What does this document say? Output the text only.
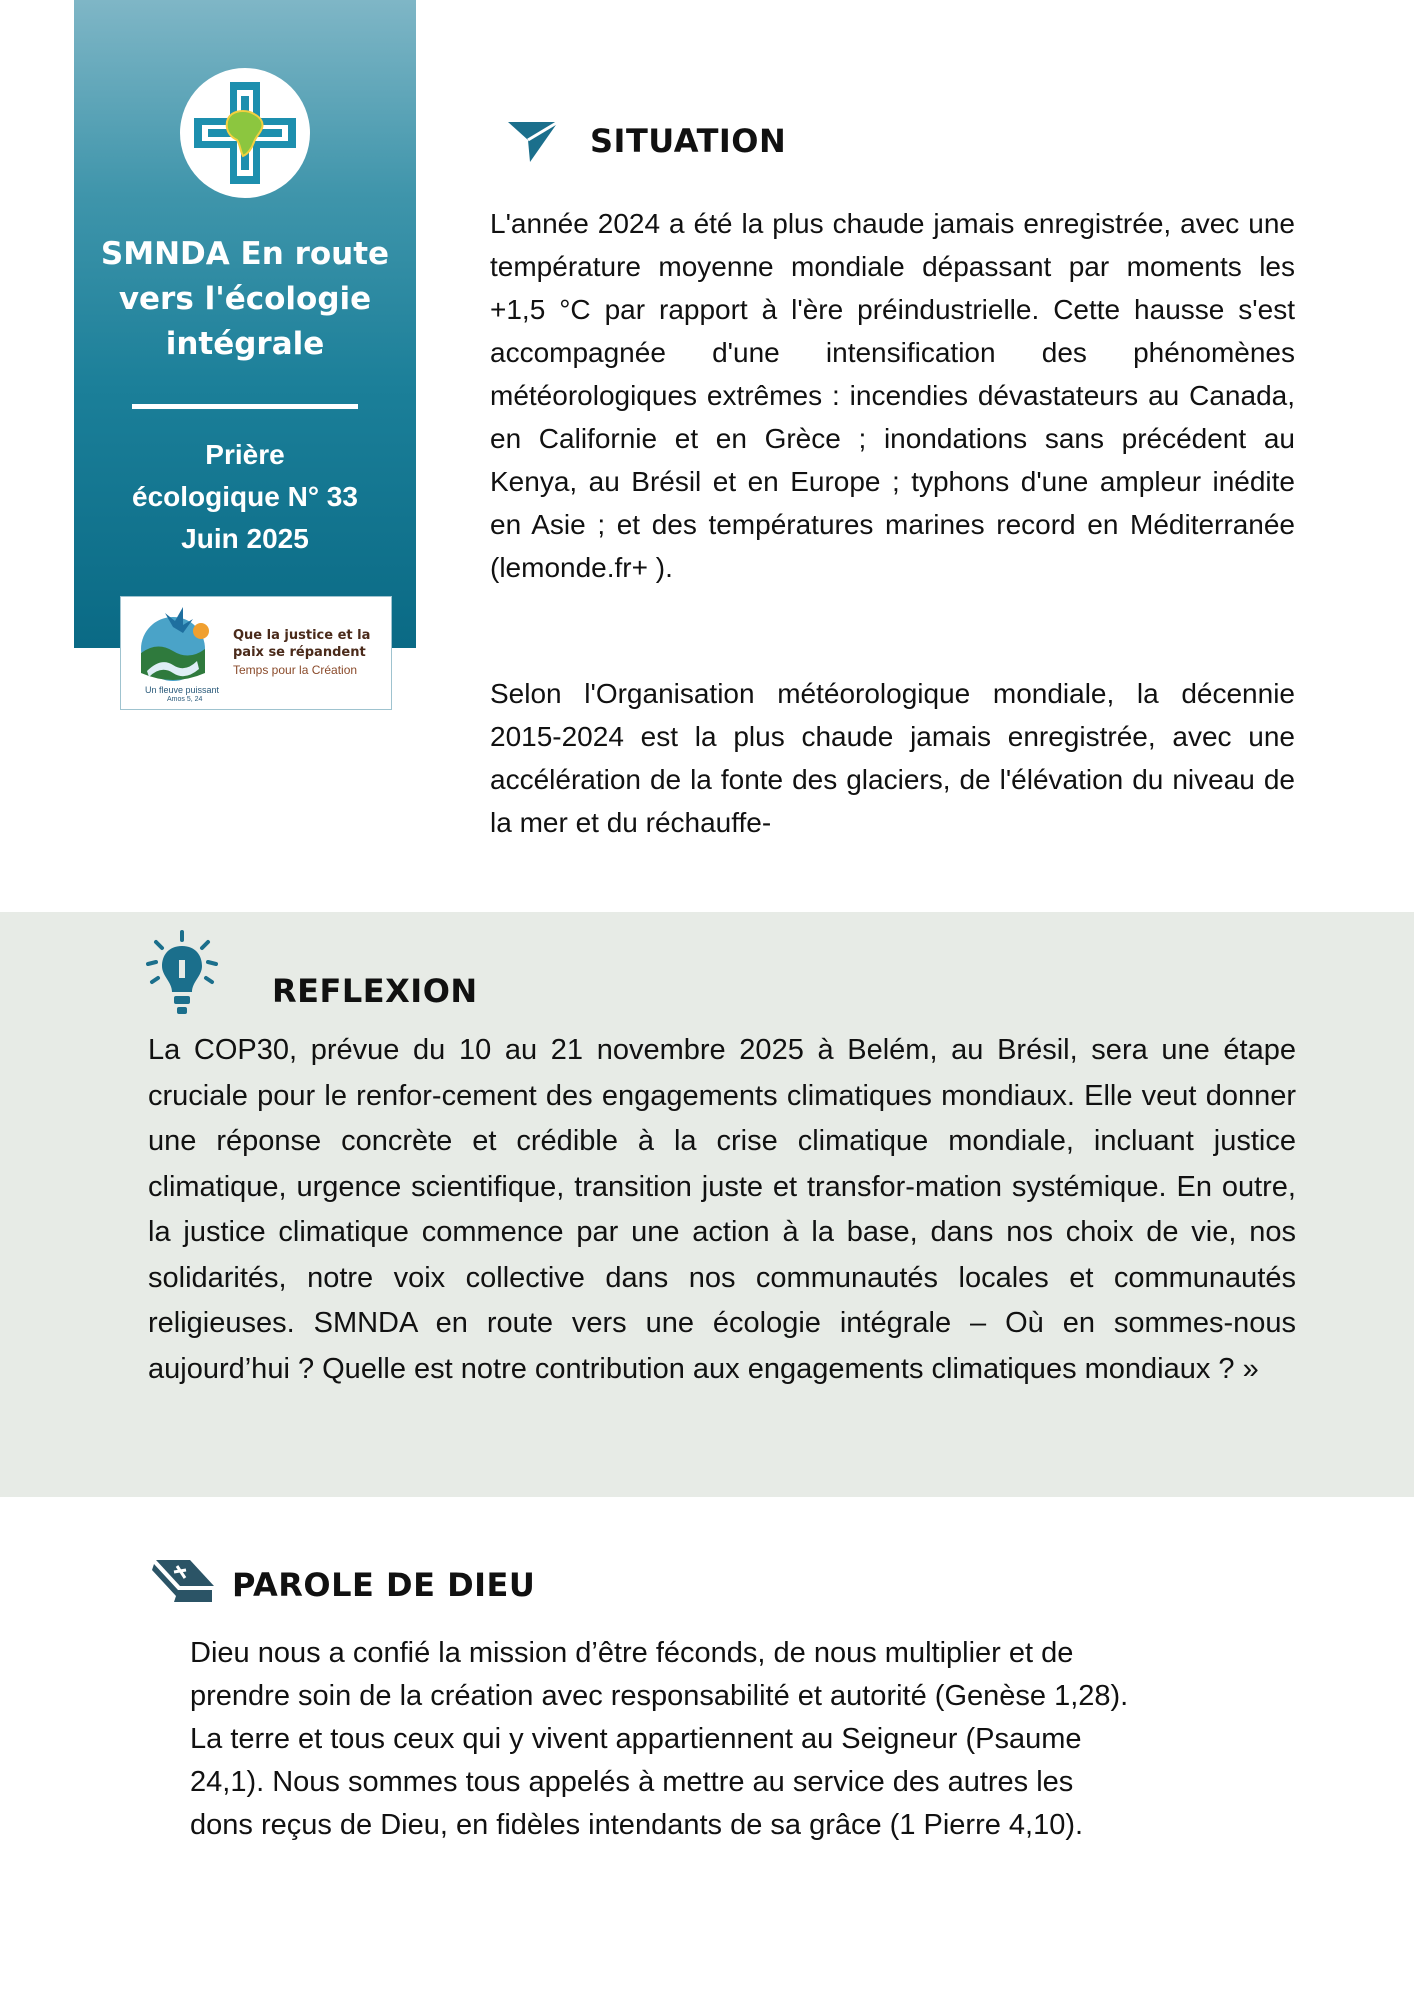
SMNDA En route vers l'écologie intégrale
Prière
écologique N° 33
Juin 2025
Que la justice et la paix se répandent
Temps pour la Création
Un fleuve puissant
Amos 5, 24
SITUATION

L'année 2024 a été la plus chaude jamais enregistrée, avec une température moyenne mondiale dépassant par moments les +1,5 °C par rapport à l'ère préindustrielle. Cette hausse s'est accompagnée d'une intensification des phénomènes météorologiques extrêmes : incendies dévastateurs au Canada, en Californie et en Grèce ; inondations sans précédent au Kenya, au Brésil et en Europe ; typhons d'une ampleur inédite en Asie ; et des températures marines record en Méditerranée (lemonde.fr+ ).

Selon l'Organisation météorologique mondiale, la décennie 2015-2024 est la plus chaude jamais enregistrée, avec une accélération de la fonte des glaciers, de l'élévation du niveau de la mer et du réchauffe-

REFLEXION

La COP30, prévue du 10 au 21 novembre 2025 à Belém, au Brésil, sera une étape cruciale pour le renfor-cement des engagements climatiques mondiaux. Elle veut donner une réponse concrète et crédible à la crise climatique mondiale, incluant justice climatique, urgence scientifique, transition juste et transfor-mation systémique. En outre, la justice climatique commence par une action à la base, dans nos choix de vie, nos solidarités, notre voix collective dans nos communautés locales et communautés religieuses. SMNDA en route vers une écologie intégrale – Où en sommes-nous aujourd’hui ? Quelle est notre contribution aux engagements climatiques mondiaux ? »

PAROLE DE DIEU
Dieu nous a confié la mission d’être féconds, de nous multiplier et de
prendre soin de la création avec responsabilité et autorité (Genèse 1,28).
La terre et tous ceux qui y vivent appartiennent au Seigneur (Psaume
24,1). Nous sommes tous appelés à mettre au service des autres les
dons reçus de Dieu, en fidèles intendants de sa grâce (1 Pierre 4,10).
